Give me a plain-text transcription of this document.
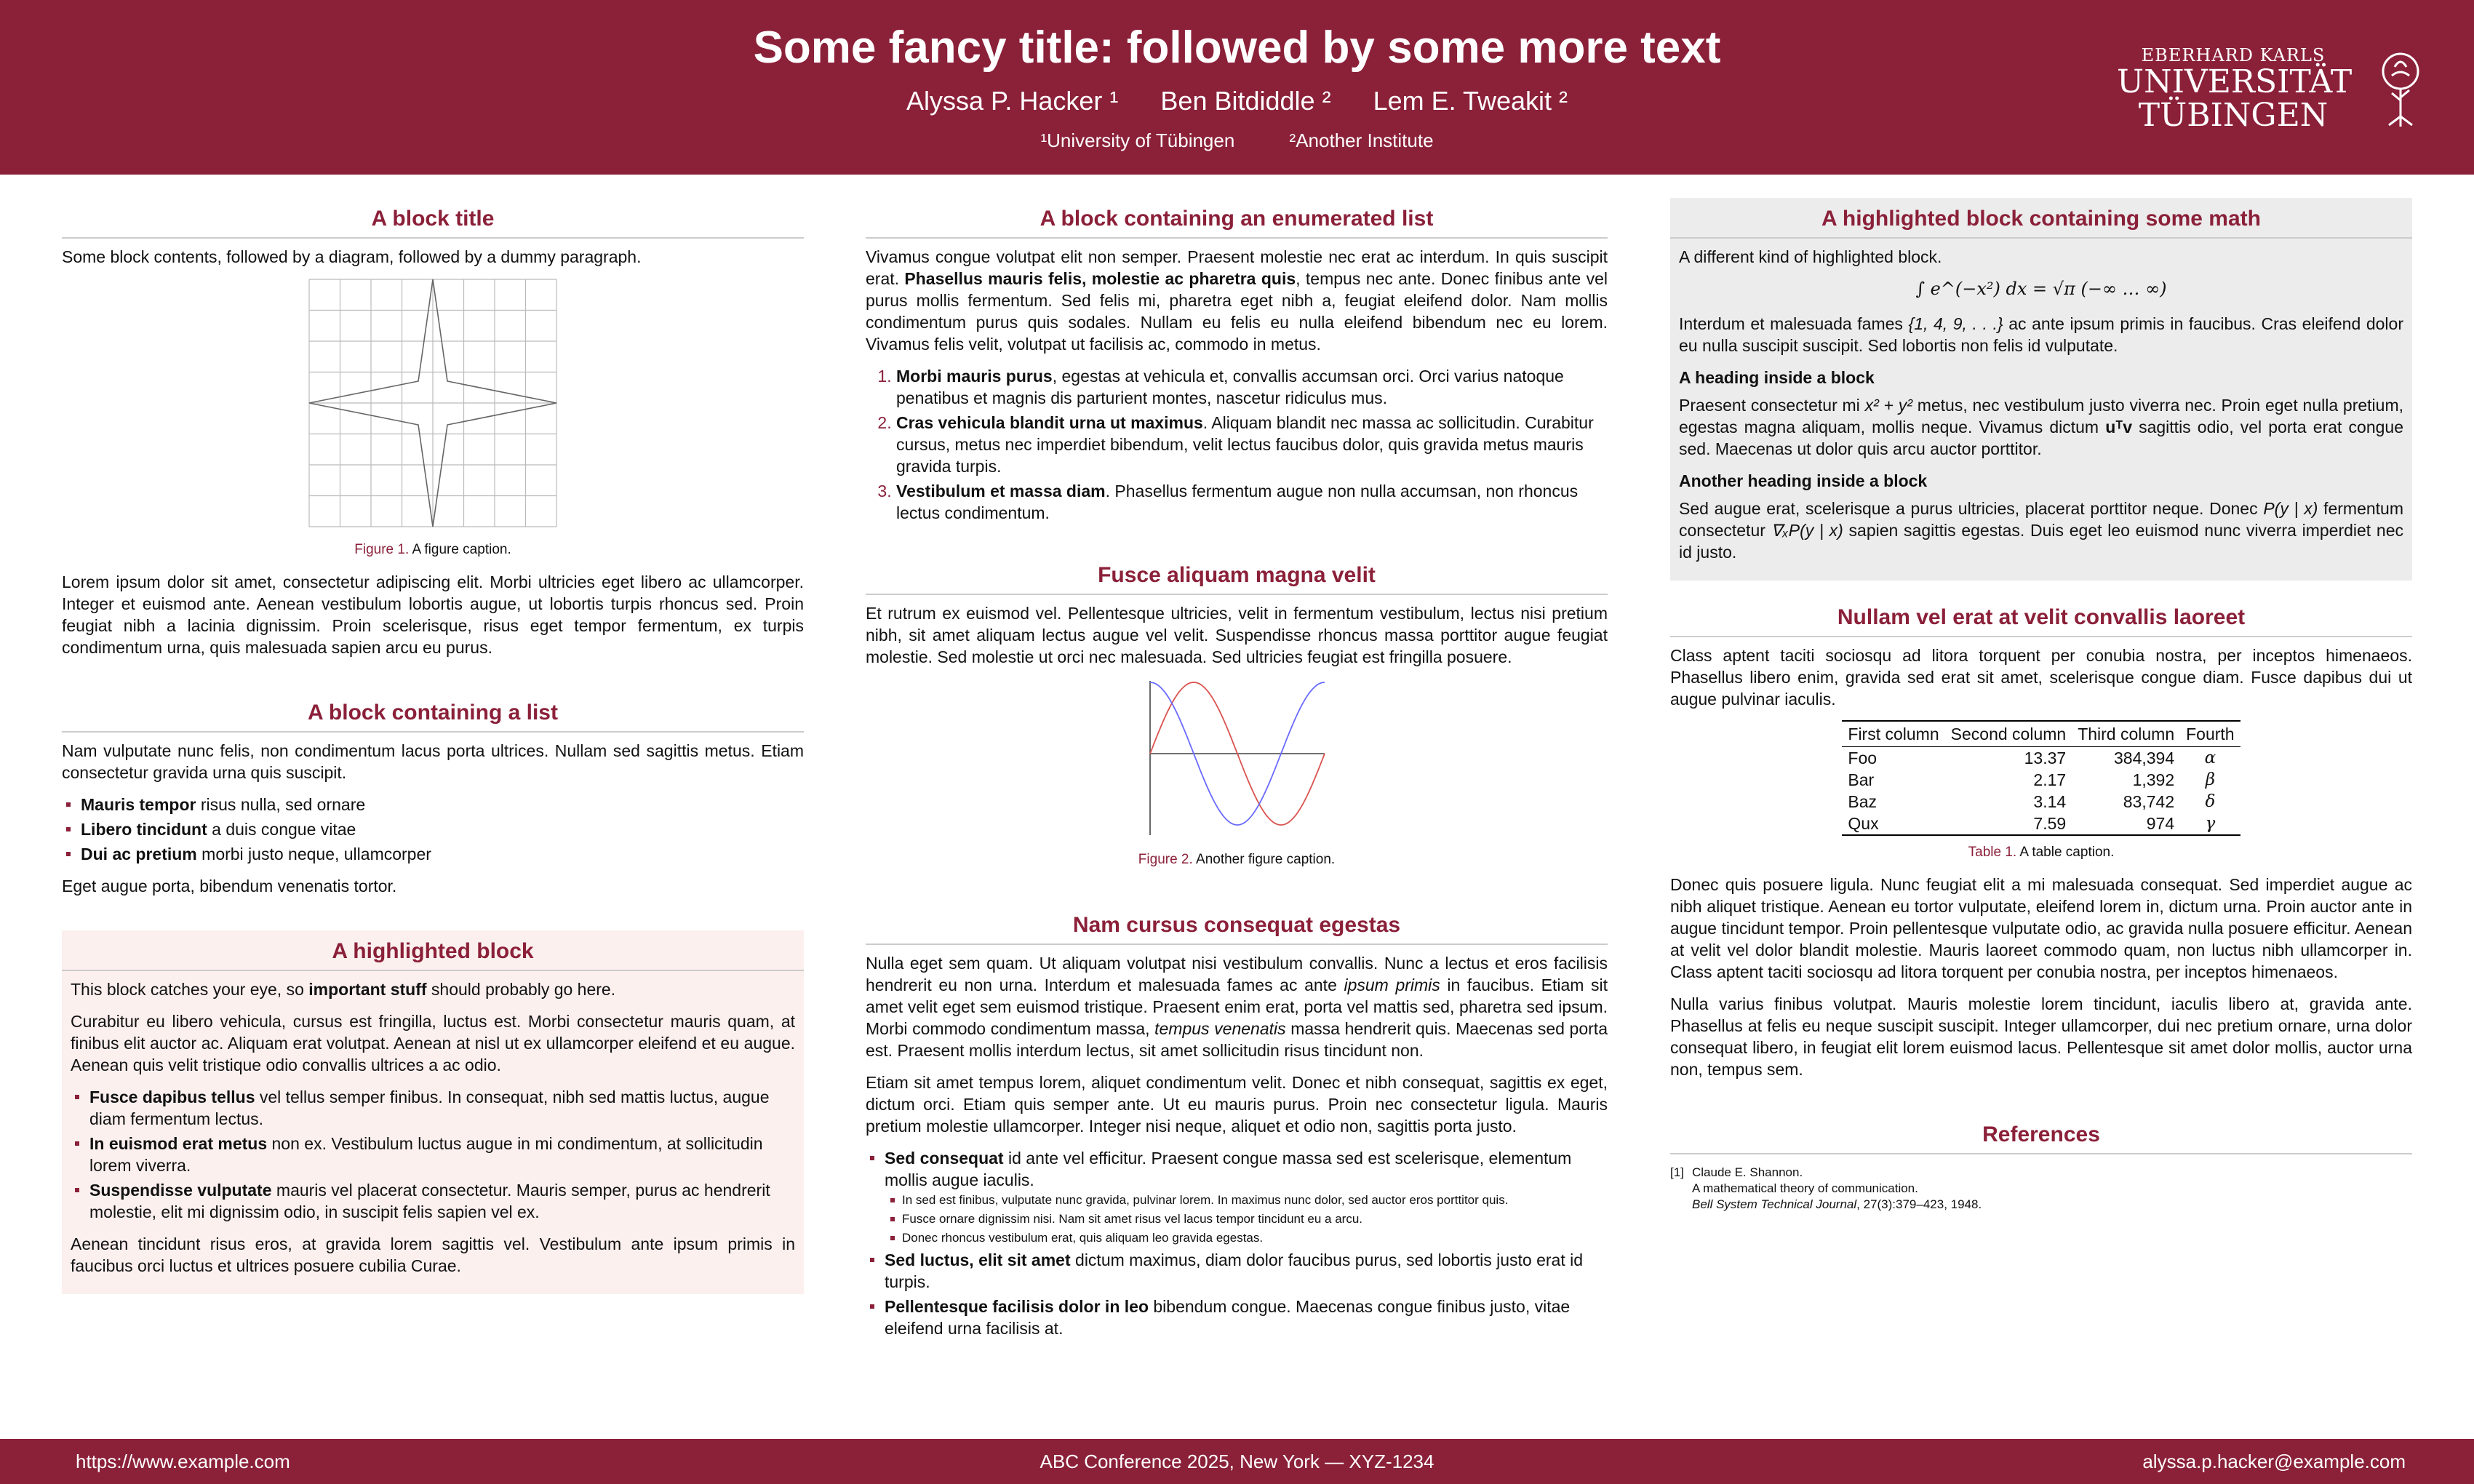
Some fancy title: followed by some more text
Alyssa P. Hacker ¹ Ben Bitdiddle ² Lem E. Tweakit ²
¹University of Tübingen	²Another Institute
EBERHARD KARLS
UNIVERSITÄT
TÜBINGEN
A block title

Some block contents, followed by a diagram, followed by a dummy paragraph.

Figure 1. A figure caption.

Lorem ipsum dolor sit amet, consectetur adipiscing elit. Morbi ultricies eget libero ac ullamcorper. Integer et euismod ante. Aenean vestibulum lobortis augue, ut lobortis turpis rhoncus sed. Proin feugiat nibh a lacinia dignissim. Proin scelerisque, risus eget tempor fermentum, ex turpis condimentum urna, quis malesuada sapien arcu eu purus.

A block containing a list

Nam vulputate nunc felis, non condimentum lacus porta ultrices. Nullam sed sagittis metus. Etiam consectetur gravida urna quis suscipit.

Mauris tempor risus nulla, sed ornare
Libero tincidunt a duis congue vitae
Dui ac pretium morbi justo neque, ullamcorper

Eget augue porta, bibendum venenatis tortor.

A highlighted block

This block catches your eye, so important stuff should probably go here.

Curabitur eu libero vehicula, cursus est fringilla, luctus est. Morbi consectetur mauris quam, at finibus elit auctor ac. Aliquam erat volutpat. Aenean at nisl ut ex ullamcorper eleifend et eu augue. Aenean quis velit tristique odio convallis ultrices a ac odio.

Fusce dapibus tellus vel tellus semper finibus. In consequat, nibh sed mattis luctus, augue diam fermentum lectus.
In euismod erat metus non ex. Vestibulum luctus augue in mi condimentum, at sollicitudin lorem viverra.
Suspendisse vulputate mauris vel placerat consectetur. Mauris semper, purus ac hendrerit molestie, elit mi dignissim odio, in suscipit felis sapien vel ex.

Aenean tincidunt risus eros, at gravida lorem sagittis vel. Vestibulum ante ipsum primis in faucibus orci luctus et ultrices posuere cubilia Curae.

A block containing an enumerated list

Vivamus congue volutpat elit non semper. Praesent molestie nec erat ac interdum. In quis suscipit erat. Phasellus mauris felis, molestie ac pharetra quis, tempus nec ante. Donec finibus ante vel purus mollis fermentum. Sed felis mi, pharetra eget nibh a, feugiat eleifend dolor. Nam mollis condimentum purus quis sodales. Nullam eu felis eu nulla eleifend bibendum nec eu lorem. Vivamus felis velit, volutpat ut facilisis ac, commodo in metus.

1. Morbi mauris purus, egestas at vehicula et, convallis accumsan orci. Orci varius natoque penatibus et magnis dis parturient montes, nascetur ridiculus mus.
2. Cras vehicula blandit urna ut maximus. Aliquam blandit nec massa ac sollicitudin. Curabitur cursus, metus nec imperdiet bibendum, velit lectus faucibus dolor, quis gravida metus mauris gravida turpis.
3. Vestibulum et massa diam. Phasellus fermentum augue non nulla accumsan, non rhoncus lectus condimentum.
Fusce aliquam magna velit

Et rutrum ex euismod vel. Pellentesque ultricies, velit in fermentum vestibulum, lectus nisi pretium nibh, sit amet aliquam lectus augue vel velit. Suspendisse rhoncus massa porttitor augue feugiat molestie. Sed molestie ut orci nec malesuada. Sed ultricies feugiat est fringilla posuere.

Figure 2. Another figure caption.
Nam cursus consequat egestas

Nulla eget sem quam. Ut aliquam volutpat nisi vestibulum convallis. Nunc a lectus et eros facilisis hendrerit eu non urna. Interdum et malesuada fames ac ante ipsum primis in faucibus. Etiam sit amet velit eget sem euismod tristique. Praesent enim erat, porta vel mattis sed, pharetra sed ipsum. Morbi commodo condimentum massa, tempus venenatis massa hendrerit quis. Maecenas sed porta est. Praesent mollis interdum lectus, sit amet sollicitudin risus tincidunt non.

Etiam sit amet tempus lorem, aliquet condimentum velit. Donec et nibh consequat, sagittis ex eget, dictum orci. Etiam quis semper ante. Ut eu mauris purus. Proin nec consectetur ligula. Mauris pretium molestie ullamcorper. Integer nisi neque, aliquet et odio non, sagittis porta justo.

Sed consequat id ante vel efficitur. Praesent congue massa sed est scelerisque, elementum mollis augue iaculis.
In sed est finibus, vulputate nunc gravida, pulvinar lorem. In maximus nunc dolor, sed auctor eros porttitor quis.
Fusce ornare dignissim nisi. Nam sit amet risus vel lacus tempor tincidunt eu a arcu.
Donec rhoncus vestibulum erat, quis aliquam leo gravida egestas.
Sed luctus, elit sit amet dictum maximus, diam dolor faucibus purus, sed lobortis justo erat id turpis.
Pellentesque facilisis dolor in leo bibendum congue. Maecenas congue finibus justo, vitae eleifend urna facilisis at.
A highlighted block containing some math

A different kind of highlighted block.

∫ e^(−x²) dx = √π (−∞ … ∞)

Interdum et malesuada fames {1, 4, 9, . . .} ac ante ipsum primis in faucibus. Cras eleifend dolor eu nulla suscipit suscipit. Sed lobortis non felis id vulputate.

A heading inside a block

Praesent consectetur mi x² + y² metus, nec vestibulum justo viverra nec. Proin eget nulla pretium, egestas magna aliquam, mollis neque. Vivamus dictum uᵀv sagittis odio, vel porta erat congue sed. Maecenas ut dolor quis arcu auctor porttitor.

Another heading inside a block

Sed augue erat, scelerisque a purus ultricies, placerat porttitor neque. Donec P(y | x) fermentum consectetur ∇ₓP(y | x) sapien sagittis egestas. Duis eget leo euismod nunc viverra imperdiet nec id justo.

Nullam vel erat at velit convallis laoreet

Class aptent taciti sociosqu ad litora torquent per conubia nostra, per inceptos himenaeos. Phasellus libero enim, gravida sed erat sit amet, scelerisque congue diam. Fusce dapibus dui ut augue pulvinar iaculis.

First column	Second column	Third column	Fourth
Foo	13.37	384,394	α
Bar	2.17	1,392	β
Baz	3.14	83,742	δ
Qux	7.59	974	γ
Table 1. A table caption.

Donec quis posuere ligula. Nunc feugiat elit a mi malesuada consequat. Sed imperdiet augue ac nibh aliquet tristique. Aenean eu tortor vulputate, eleifend lorem in, dictum urna. Proin auctor ante in augue tincidunt tempor. Proin pellentesque vulputate odio, ac gravida nulla posuere efficitur. Aenean at velit vel dolor blandit molestie. Mauris laoreet commodo quam, non luctus nibh ullamcorper in. Class aptent taciti sociosqu ad litora torquent per conubia nostra, per inceptos himenaeos.

Nulla varius finibus volutpat. Mauris molestie lorem tincidunt, iaculis libero at, gravida ante. Phasellus at felis eu neque suscipit suscipit. Integer ullamcorper, dui nec pretium ornare, urna dolor consequat libero, in feugiat elit lorem euismod lacus. Pellentesque sit amet dolor mollis, auctor urna non, tempus sem.

References
[1] Claude E. Shannon.
A mathematical theory of communication.
Bell System Technical Journal, 27(3):379–423, 1948.
https://www.example.com	ABC Conference 2025, New York — XYZ-1234	alyssa.p.hacker@example.com
